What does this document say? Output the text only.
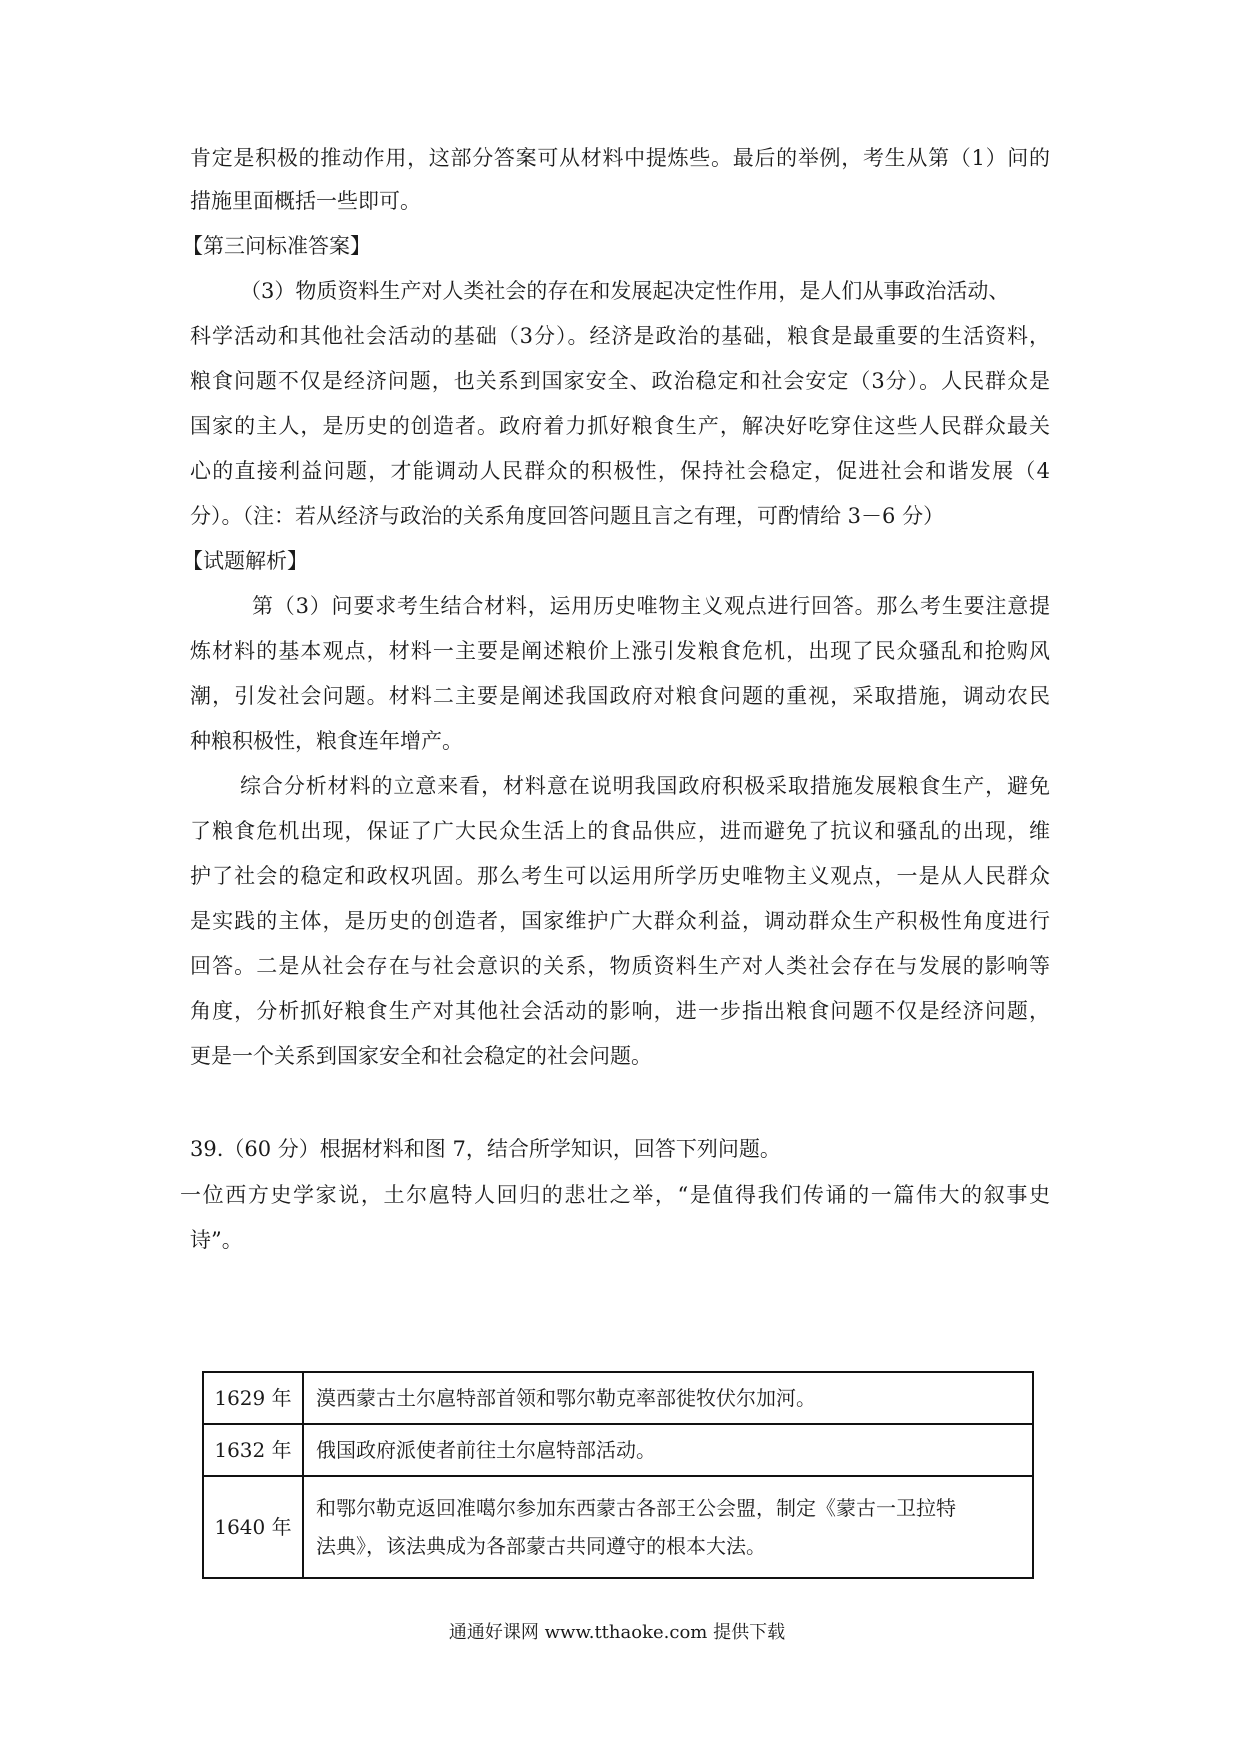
肯定是积极的推动作用，这部分答案可从材料中提炼些。最后的举例，考生从第（1）问的
措施里面概括一些即可。
【第三问标准答案】
（3）物质资料生产对人类社会的存在和发展起决定性作用，是人们从事政治活动、
科学活动和其他社会活动的基础（3分）。经济是政治的基础，粮食是最重要的生活资料，
粮食问题不仅是经济问题，也关系到国家安全、政治稳定和社会安定（3分）。人民群众是
国家的主人，是历史的创造者。政府着力抓好粮食生产，解决好吃穿住这些人民群众最关
心的直接利益问题，才能调动人民群众的积极性，保持社会稳定，促进社会和谐发展（4
分）。（注：若从经济与政治的关系角度回答问题且言之有理，可酌情给 3－6 分）
【试题解析】
第（3）问要求考生结合材料，运用历史唯物主义观点进行回答。那么考生要注意提
炼材料的基本观点，材料一主要是阐述粮价上涨引发粮食危机，出现了民众骚乱和抢购风
潮，引发社会问题。材料二主要是阐述我国政府对粮食问题的重视，采取措施，调动农民
种粮积极性，粮食连年增产。
综合分析材料的立意来看，材料意在说明我国政府积极采取措施发展粮食生产，避免
了粮食危机出现，保证了广大民众生活上的食品供应，进而避免了抗议和骚乱的出现，维
护了社会的稳定和政权巩固。那么考生可以运用所学历史唯物主义观点，一是从人民群众
是实践的主体，是历史的创造者，国家维护广大群众利益，调动群众生产积极性角度进行
回答。二是从社会存在与社会意识的关系，物质资料生产对人类社会存在与发展的影响等
角度，分析抓好粮食生产对其他社会活动的影响，进一步指出粮食问题不仅是经济问题，
更是一个关系到国家安全和社会稳定的社会问题。
39.（60 分）根据材料和图 7，结合所学知识，回答下列问题。
一位西方史学家说，土尔扈特人回归的悲壮之举，“是值得我们传诵的一篇伟大的叙事史
诗”。
1629 年	漠西蒙古土尔扈特部首领和鄂尔勒克率部徙牧伏尔加河。

1632 年	俄国政府派使者前往土尔扈特部活动。

1640 年	和鄂尔勒克返回准噶尔参加东西蒙古各部王公会盟，制定《蒙古一卫拉特
法典》，该法典成为各部蒙古共同遵守的根本大法。
通通好课网 www.tthaoke.com 提供下载
